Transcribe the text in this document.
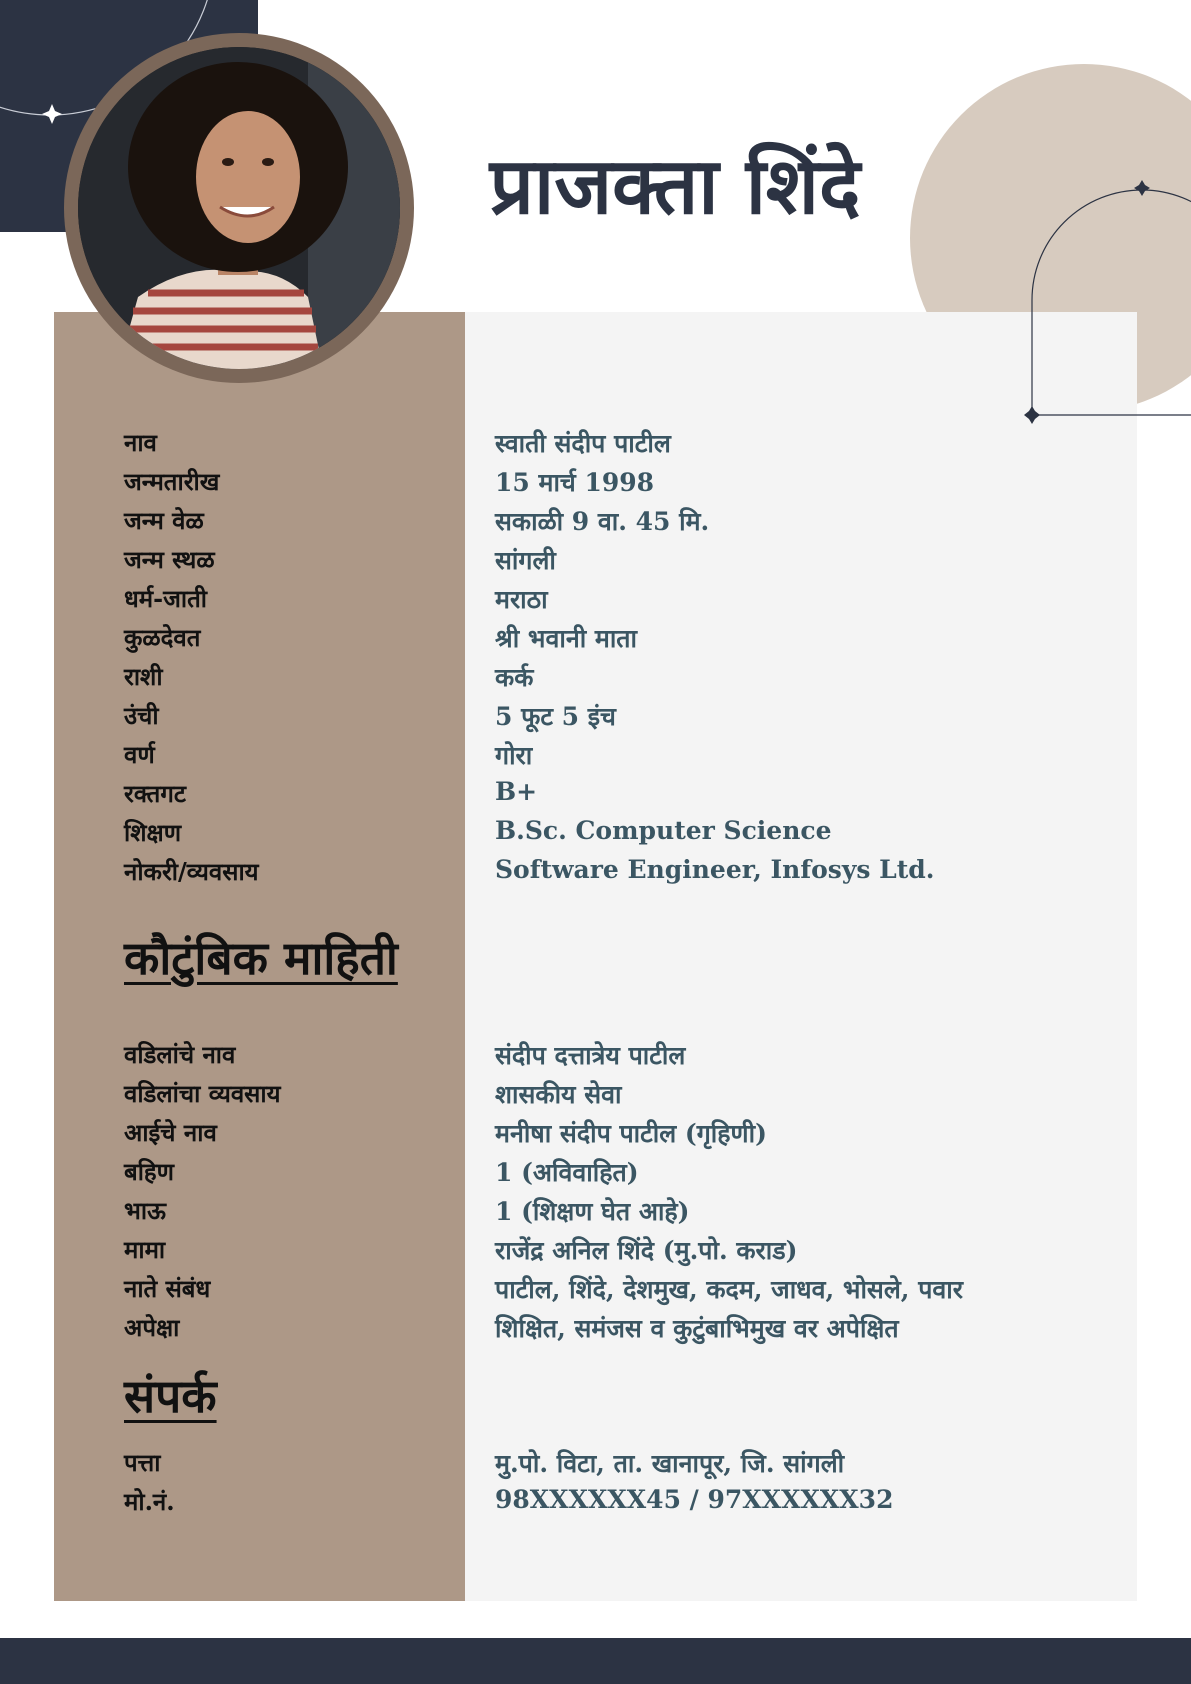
प्राजक्ता शिंदे
नाव	स्वाती संदीप पाटील
जन्मतारीख	15 मार्च 1998
जन्म वेळ	सकाळी 9 वा. 45 मि.
जन्म स्थळ	सांगली
धर्म-जाती	मराठा
कुळदेवत	श्री भवानी माता
राशी	कर्क
उंची	5 फूट 5 इंच
वर्ण	गोरा
रक्तगट	B+
शिक्षण	B.Sc. Computer Science
नोकरी/व्यवसाय	Software Engineer, Infosys Ltd.
कौटुंबिक माहिती
वडिलांचे नाव	संदीप दत्तात्रेय पाटील
वडिलांचा व्यवसाय	शासकीय सेवा
आईचे नाव	मनीषा संदीप पाटील (गृहिणी)
बहिण	1 (अविवाहित)
भाऊ	1 (शिक्षण घेत आहे)
मामा	राजेंद्र अनिल शिंदे (मु.पो. कराड)
नाते संबंध	पाटील, शिंदे, देशमुख, कदम, जाधव, भोसले, पवार
अपेक्षा	शिक्षित, समंजस व कुटुंबाभिमुख वर अपेक्षित
संपर्क
पत्ता	मु.पो. विटा, ता. खानापूर, जि. सांगली
मो.नं.	98XXXXXX45 / 97XXXXXX32
